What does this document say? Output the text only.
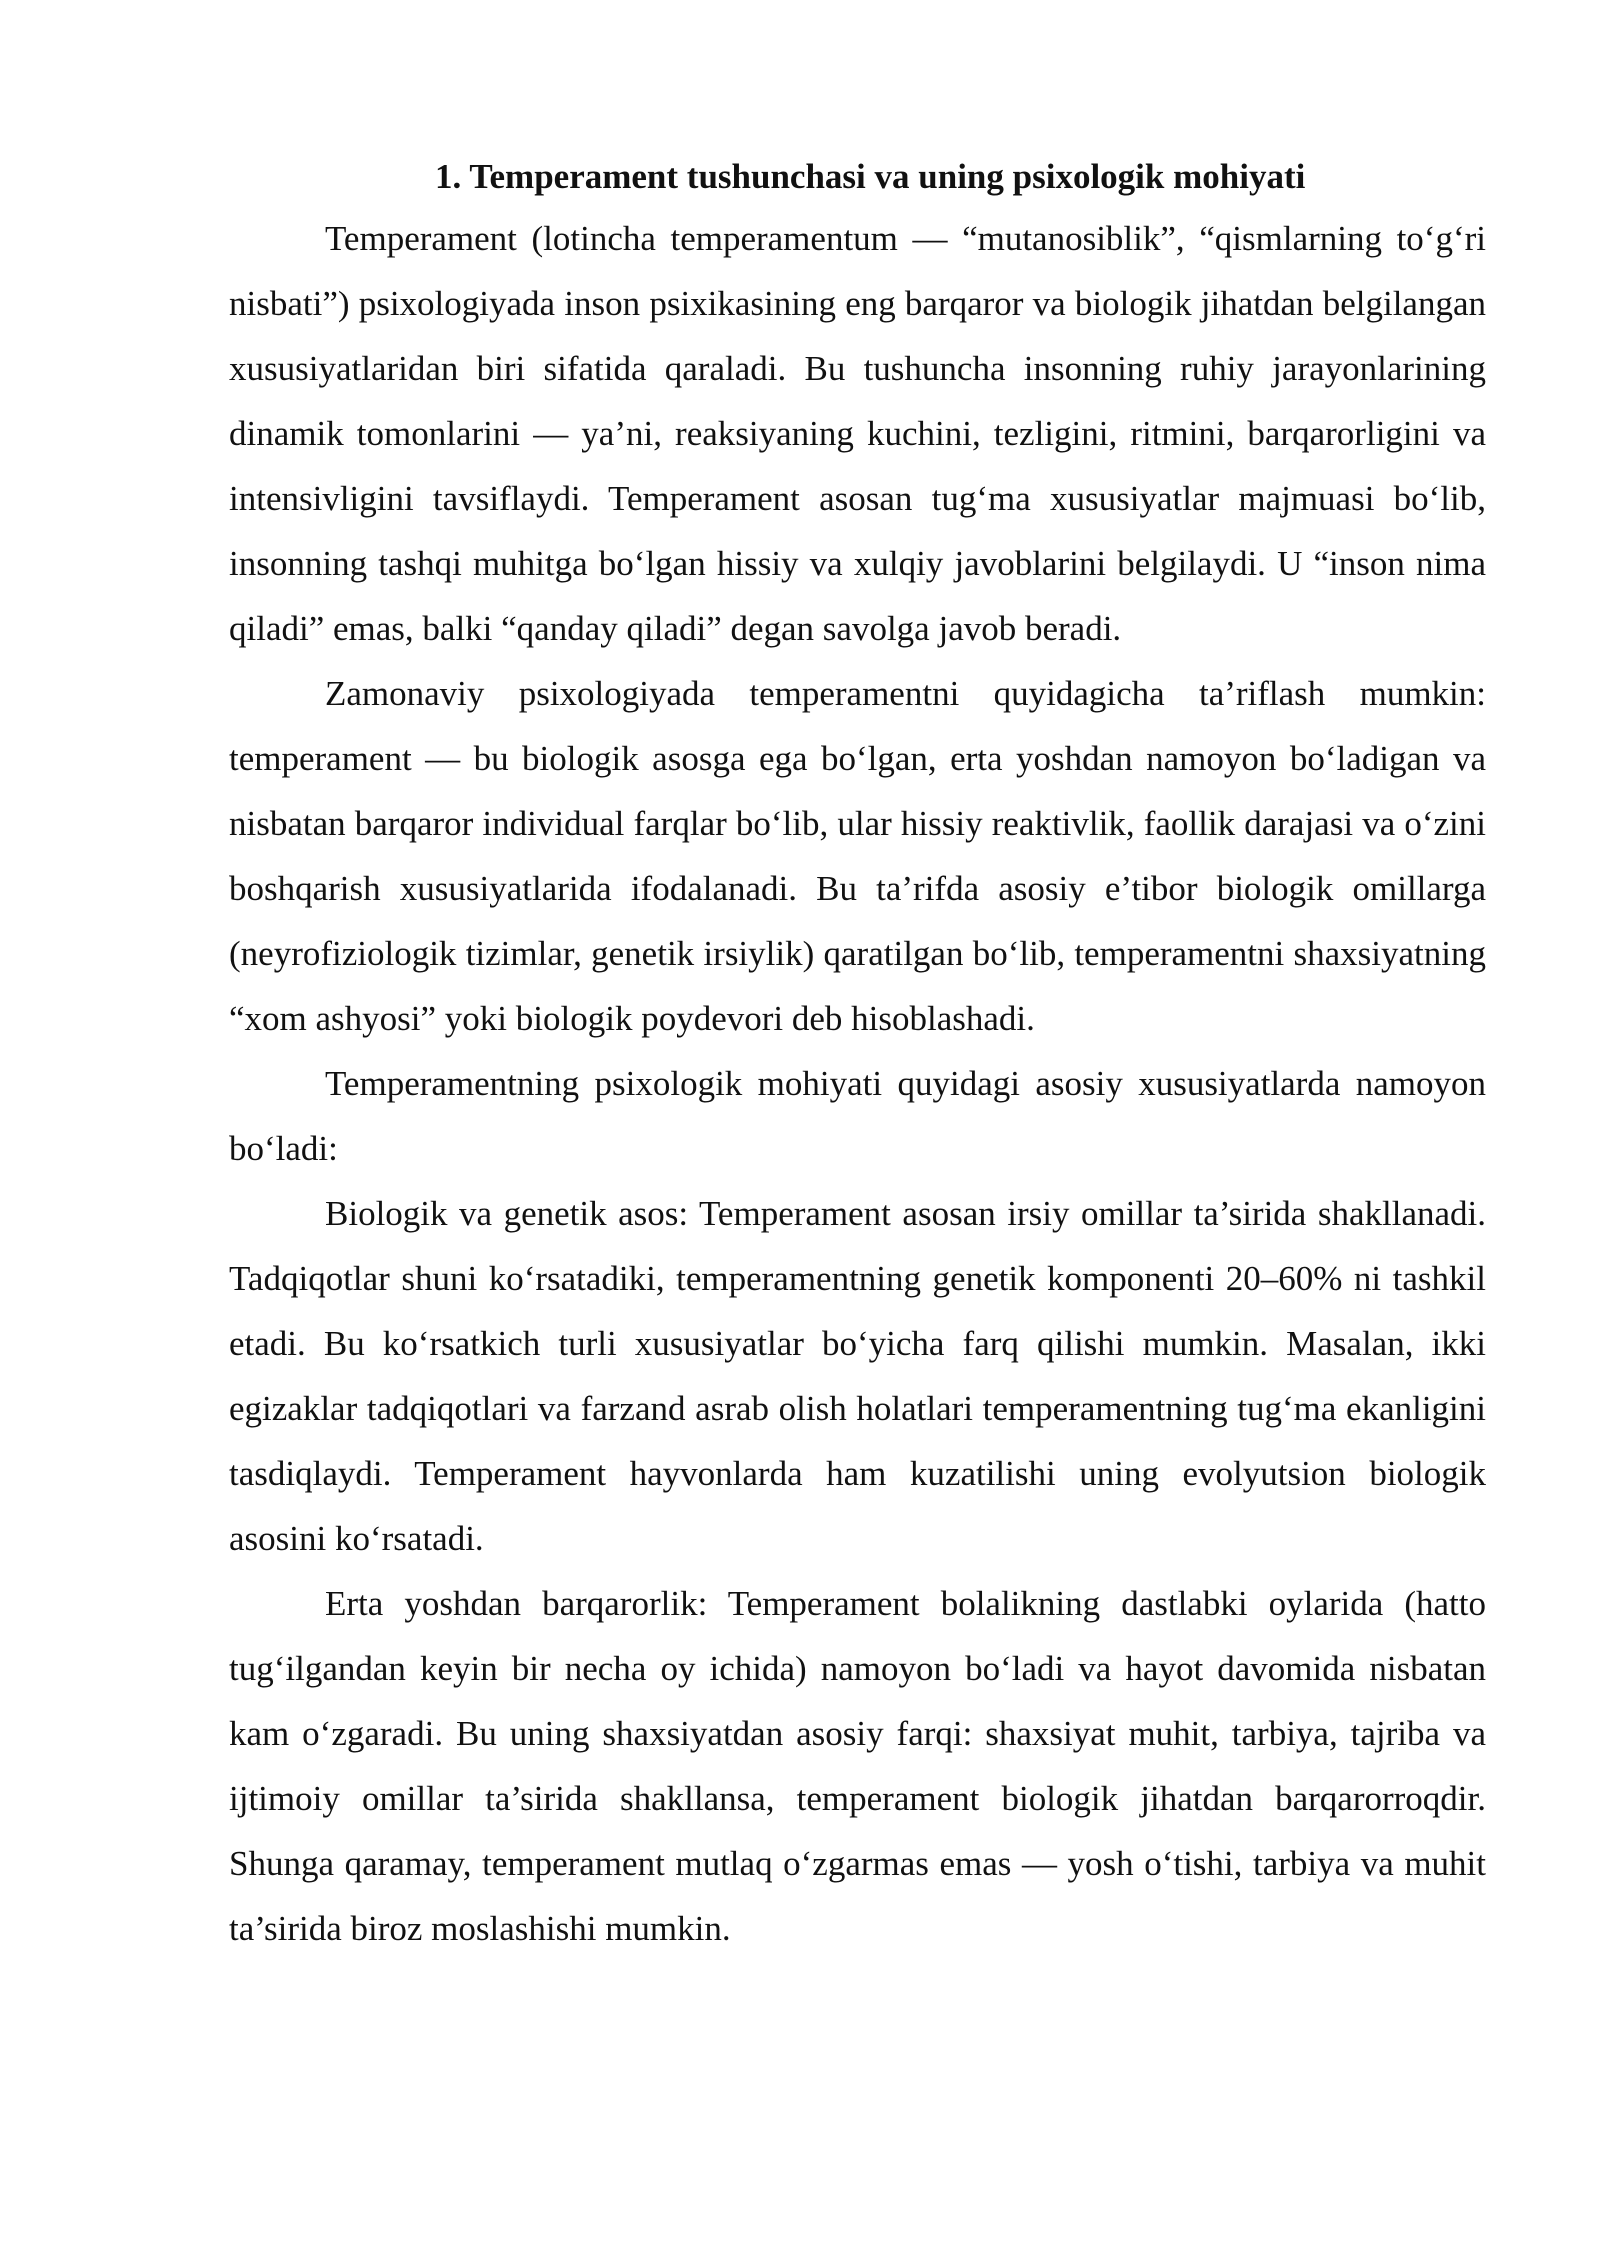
1. Temperament tushunchasi va uning psixologik mohiyati

Temperament (lotincha temperamentum — “mutanosiblik”, “qismlarning to‘g‘ri nisbati”) psixologiyada inson psixikasining eng barqaror va biologik jihatdan belgilangan xususiyatlaridan biri sifatida qaraladi. Bu tushuncha insonning ruhiy jarayonlarining dinamik tomonlarini — ya’ni, reaksiyaning kuchini, tezligini, ritmini, barqarorligini va intensivligini tavsiflaydi. Temperament asosan tug‘ma xususiyatlar majmuasi bo‘lib, insonning tashqi muhitga bo‘lgan hissiy va xulqiy javoblarini belgilaydi. U “inson nima qiladi” emas, balki “qanday qiladi” degan savolga javob beradi.

Zamonaviy psixologiyada temperamentni quyidagicha ta’riflash mumkin: temperament — bu biologik asosga ega bo‘lgan, erta yoshdan namoyon bo‘ladigan va nisbatan barqaror individual farqlar bo‘lib, ular hissiy reaktivlik, faollik darajasi va o‘zini boshqarish xususiyatlarida ifodalanadi. Bu ta’rifda asosiy e’tibor biologik omillarga (neyrofiziologik tizimlar, genetik irsiylik) qaratilgan bo‘lib, temperamentni shaxsiyatning “xom ashyosi” yoki biologik poydevori deb hisoblashadi.

Temperamentning psixologik mohiyati quyidagi asosiy xususiyatlarda namoyon bo‘ladi:

Biologik va genetik asos: Temperament asosan irsiy omillar ta’sirida shakllanadi. Tadqiqotlar shuni ko‘rsatadiki, temperamentning genetik komponenti 20–60% ni tashkil etadi. Bu ko‘rsatkich turli xususiyatlar bo‘yicha farq qilishi mumkin. Masalan, ikki egizaklar tadqiqotlari va farzand asrab olish holatlari temperamentning tug‘ma ekanligini tasdiqlaydi. Temperament hayvonlarda ham kuzatilishi uning evolyutsion biologik asosini ko‘rsatadi.

Erta yoshdan barqarorlik: Temperament bolalikning dastlabki oylarida (hatto tug‘ilgandan keyin bir necha oy ichida) namoyon bo‘ladi va hayot davomida nisbatan kam o‘zgaradi. Bu uning shaxsiyatdan asosiy farqi: shaxsiyat muhit, tarbiya, tajriba va ijtimoiy omillar ta’sirida shakllansa, temperament biologik jihatdan barqarorroqdir. Shunga qaramay, temperament mutlaq o‘zgarmas emas — yosh o‘tishi, tarbiya va muhit ta’sirida biroz moslashishi mumkin.
